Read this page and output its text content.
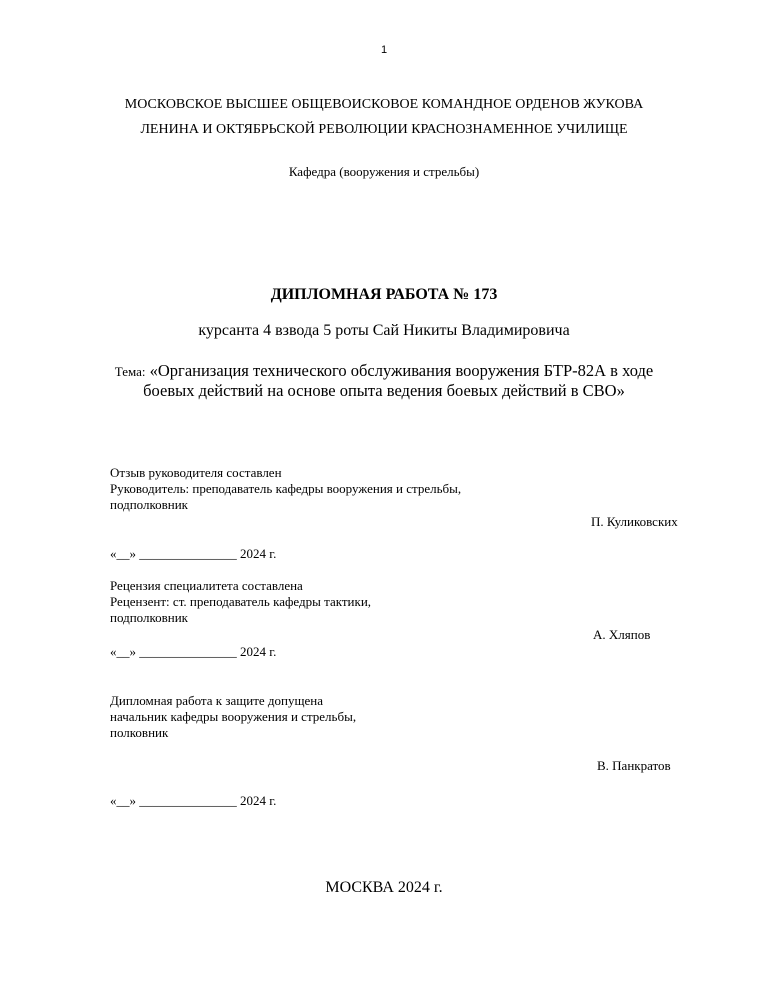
1
МОСКОВСКОЕ ВЫСШЕЕ ОБЩЕВОИСКОВОЕ КОМАНДНОЕ ОРДЕНОВ ЖУКОВА
ЛЕНИНА И ОКТЯБРЬСКОЙ РЕВОЛЮЦИИ КРАСНОЗНАМЕННОЕ УЧИЛИЩЕ
Кафедра (вооружения и стрельбы)
ДИПЛОМНАЯ РАБОТА № 173
курсанта 4 взвода 5 роты Сай Никиты Владимировича
Тема: «Организация технического обслуживания вооружения БТР-82А в ходе
боевых действий на основе опыта ведения боевых действий в СВО»
Отзыв руководителя составлен
Руководитель: преподаватель кафедры вооружения и стрельбы,
подполковник
П. Куликовских
«__» _______________ 2024 г.
Рецензия специалитета составлена
Рецензент: ст. преподаватель кафедры тактики,
подполковник
А. Хляпов
«__» _______________ 2024 г.
Дипломная работа к защите допущена
начальник кафедры вооружения и стрельбы,
полковник
В. Панкратов
«__» _______________ 2024 г.
МОСКВА 2024 г.
